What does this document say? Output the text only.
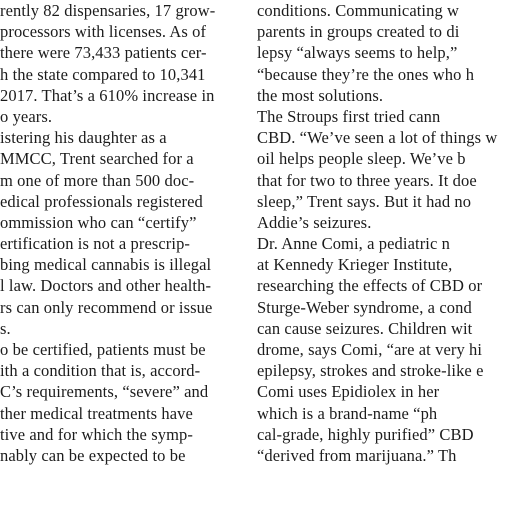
rently 82 dispensaries, 17 grow-
processors with licenses. As of
there were 73,433 patients cer-
h the state compared to 10,341
2017. That’s a 610% increase in
o years.
istering his daughter as a
MMCC, Trent searched for a
m one of more than 500 doc-
edical professionals registered
ommission who can “certify”
ertification is not a prescrip-
bing medical cannabis is illegal
l law. Doctors and other health-
rs can only recommend or issue
s.
o be certified, patients must be
ith a condition that is, accord-
C’s requirements, “severe” and
ther medical treatments have
tive and for which the symp-
nably can be expected to be
conditions. Communicating w
parents in groups created to di
lepsy “always seems to help,”
“because they’re the ones who h
the most solutions.
The Stroups first tried cann
CBD. “We’ve seen a lot of things w
oil helps people sleep. We’ve b
that for two to three years. It doe
sleep,” Trent says. But it had no
Addie’s seizures.
Dr. Anne Comi, a pediatric n
at Kennedy Krieger Institute,
researching the effects of CBD or
Sturge-Weber syndrome, a cond
can cause seizures. Children wit
drome, says Comi, “are at very hi
epilepsy, strokes and stroke-like e
Comi uses Epidiolex in her
which is a brand-name “ph
cal-grade, highly purified” CBD
“derived from marijuana.” Th
